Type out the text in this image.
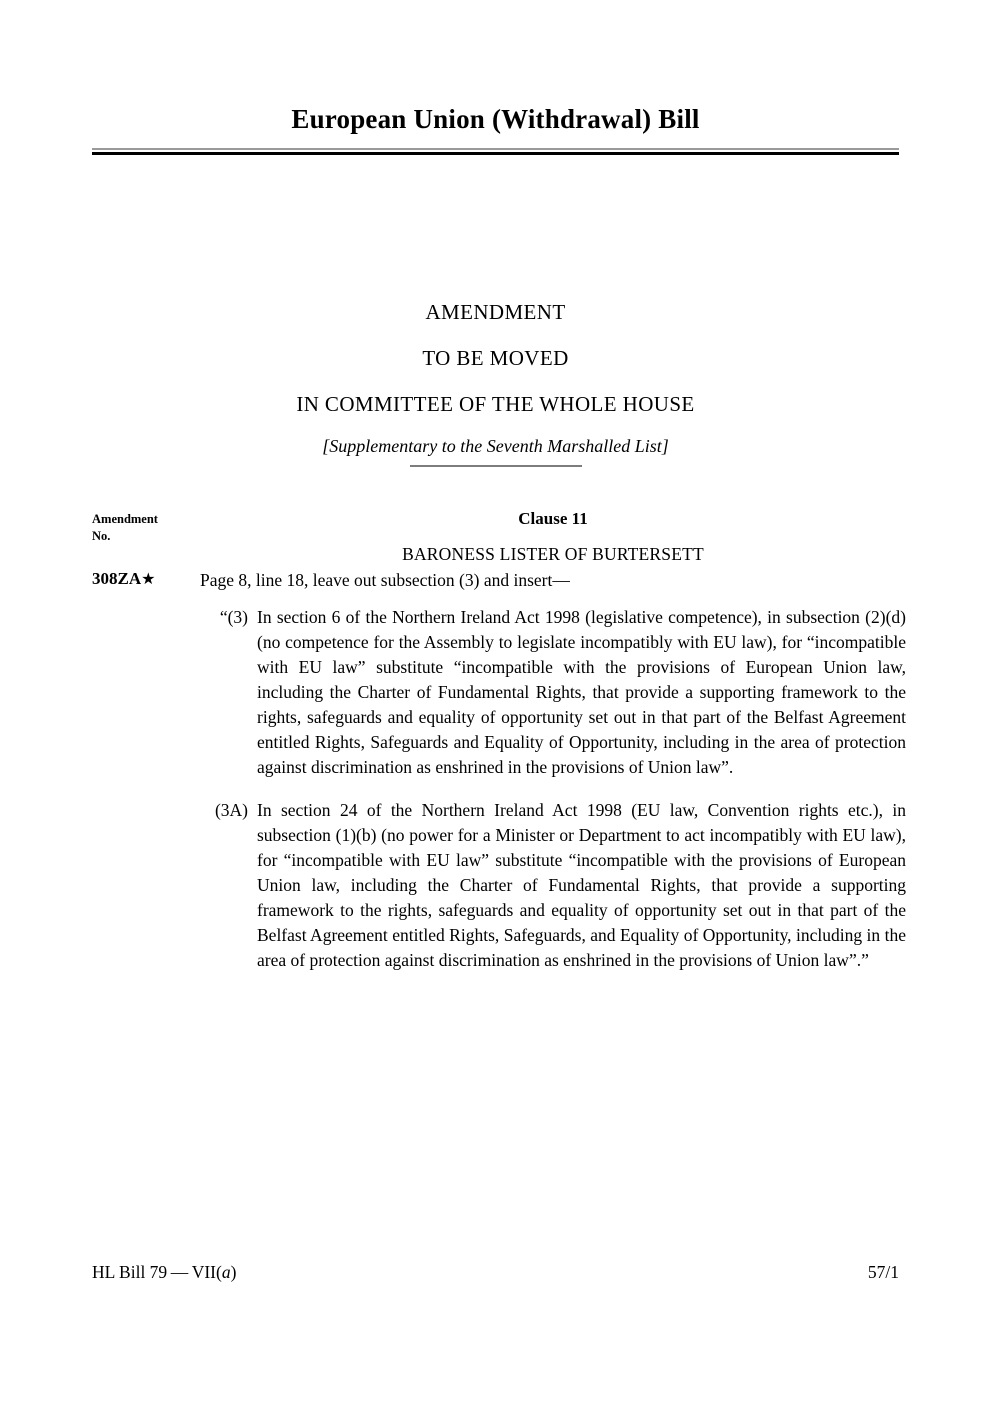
European Union (Withdrawal) Bill
AMENDMENT
TO BE MOVED
IN COMMITTEE OF THE WHOLE HOUSE
[Supplementary to the Seventh Marshalled List]
Amendment
No.
Clause 11
BARONESS LISTER OF BURTERSETT
308ZA★	Page 8, line 18, leave out subsection (3) and insert—
“(3) In section 6 of the Northern Ireland Act 1998 (legislative competence), in subsection (2)(d) (no competence for the Assembly to legislate incompatibly with EU law), for “incompatible with EU law” substitute “incompatible with the provisions of European Union law, including the Charter of Fundamental Rights, that provide a supporting framework to the rights, safeguards and equality of opportunity set out in that part of the Belfast Agreement entitled Rights, Safeguards and Equality of Opportunity, including in the area of protection against discrimination as enshrined in the provisions of Union law”.
(3A) In section 24 of the Northern Ireland Act 1998 (EU law, Convention rights etc.), in subsection (1)(b) (no power for a Minister or Department to act incompatibly with EU law), for “incompatible with EU law” substitute “incompatible with the provisions of European Union law, including the Charter of Fundamental Rights, that provide a supporting framework to the rights, safeguards and equality of opportunity set out in that part of the Belfast Agreement entitled Rights, Safeguards, and Equality of Opportunity, including in the area of protection against discrimination as enshrined in the provisions of Union law”.”
HL Bill 79 — VII(a)	57/1
